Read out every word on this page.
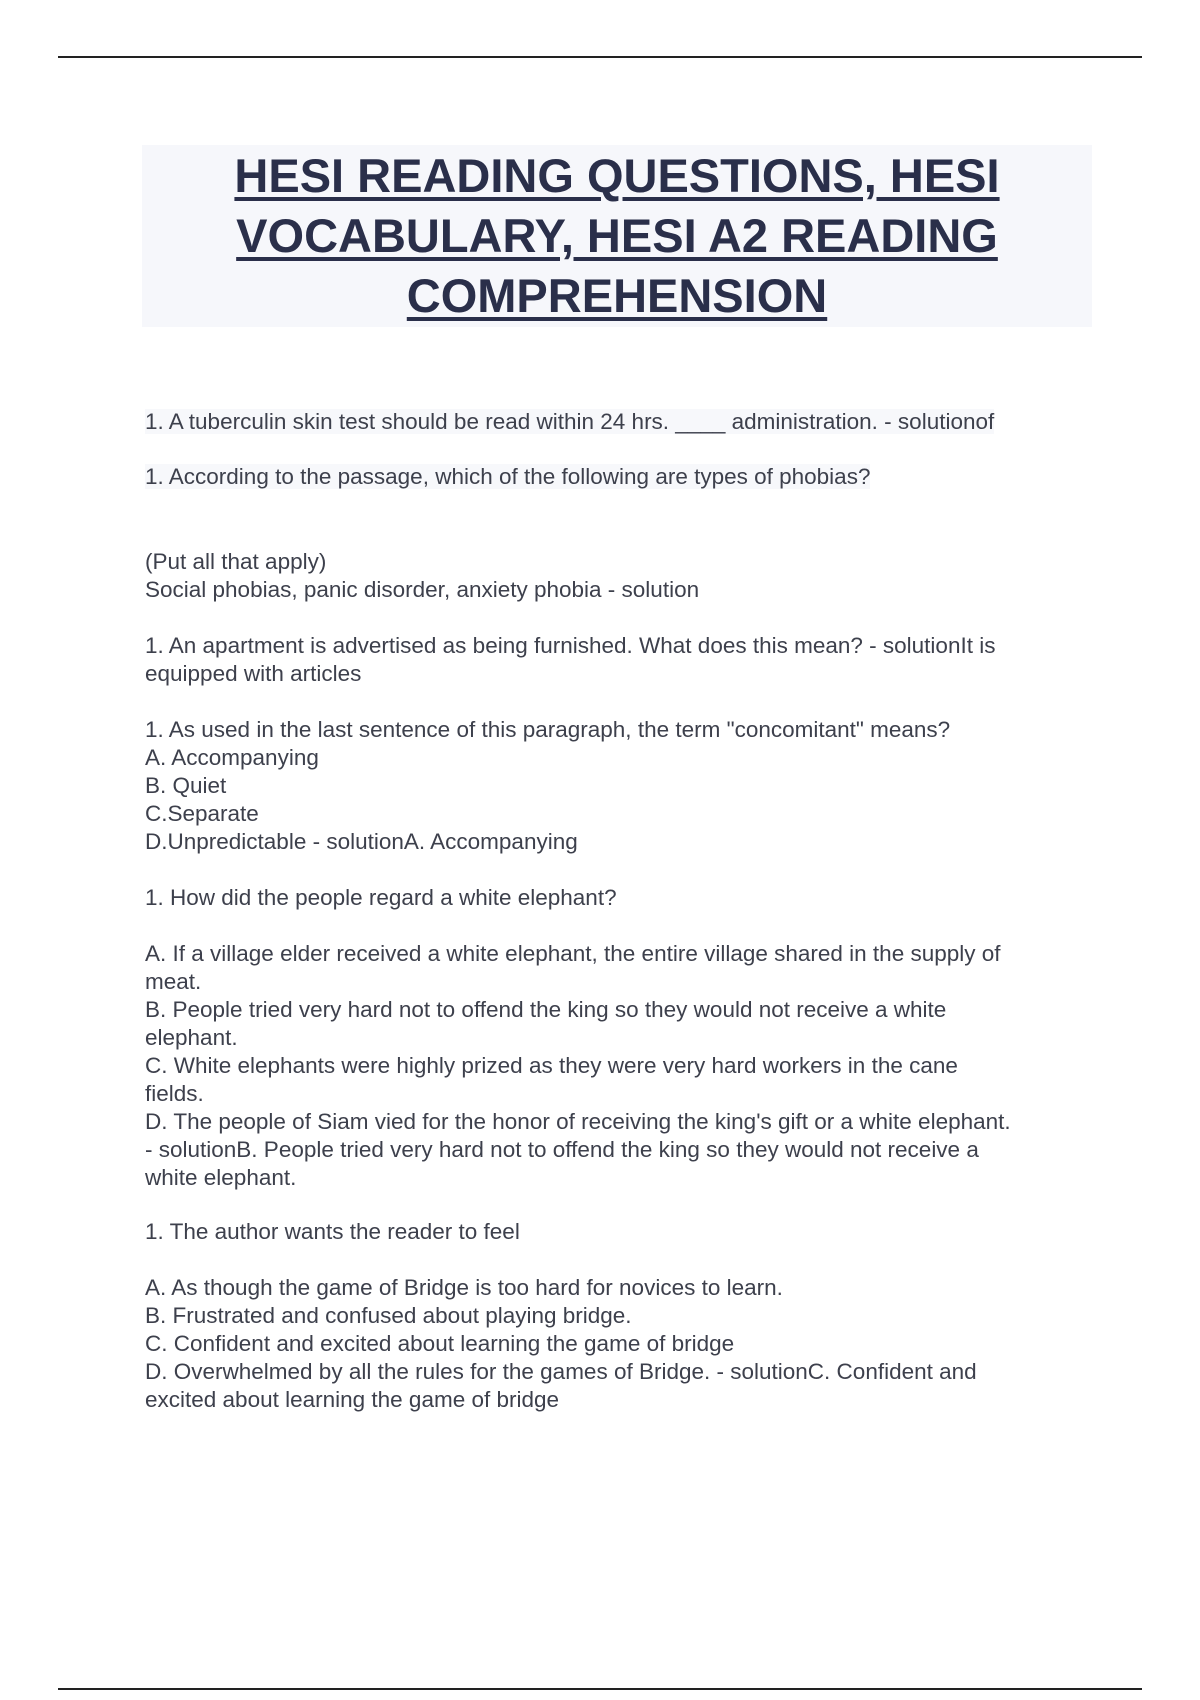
HESI READING QUESTIONS, HESI VOCABULARY, HESI A2 READING COMPREHENSION
1. A tuberculin skin test should be read within 24 hrs. ____ administration. - solutionof
1. According to the passage, which of the following are types of phobias?
(Put all that apply)
Social phobias, panic disorder, anxiety phobia - solution
1. An apartment is advertised as being furnished. What does this mean? - solutionIt is
equipped with articles
1. As used in the last sentence of this paragraph, the term "concomitant" means?
A. Accompanying
B. Quiet
C.Separate
D.Unpredictable - solutionA. Accompanying
1. How did the people regard a white elephant?
A. If a village elder received a white elephant, the entire village shared in the supply of
meat.
B. People tried very hard not to offend the king so they would not receive a white
elephant.
C. White elephants were highly prized as they were very hard workers in the cane
fields.
D. The people of Siam vied for the honor of receiving the king's gift or a white elephant.
- solutionB. People tried very hard not to offend the king so they would not receive a
white elephant.
1. The author wants the reader to feel
A. As though the game of Bridge is too hard for novices to learn.
B. Frustrated and confused about playing bridge.
C. Confident and excited about learning the game of bridge
D. Overwhelmed by all the rules for the games of Bridge. - solutionC. Confident and
excited about learning the game of bridge
